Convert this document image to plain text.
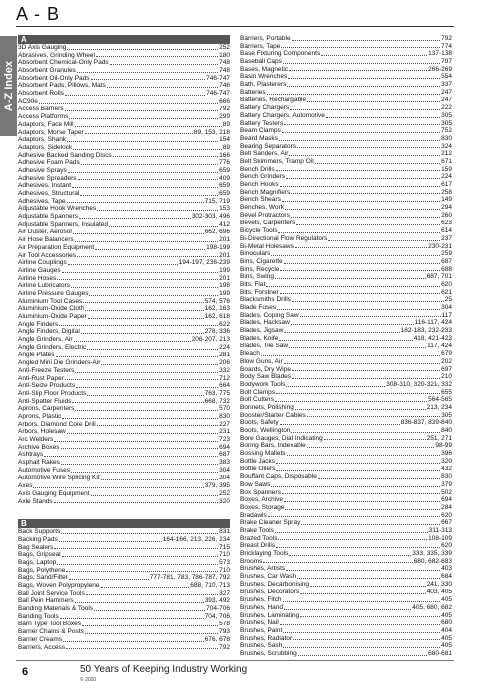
A - B
A-Z Index
A
3D Axis Gauging	252
Abrasives, Grinding Wheel	180
Absorbent Chemical-Only Pads	748
Absorbent Granules	748
Absorbent Oil-Only Pads	746-747
Absorbent Pads, Pillows, Mats	746
Absorbent Rolls	746-747
AC90e	666
Access Barriers	792
Access Platforms	299
Adaptors, Face Mill	89
Adaptors, Morse Taper	89, 153, 218
Adaptors, Shank	154
Adaptors, Sidelock	89
Adhesive Backed Sanding Discs	166
Adhesive Foam Pads	776
Adhesive Sprays	659
Adhesive Spreaders	409
Adhesives, Instant	659
Adhesives, Structural	659
Adhesives, Tape	715, 719
Adjustable Hook Wrenches	153
Adjustable Spanners	302-303, 496
Adjustable Spanners, Insulated	412
Air Duster, Aerosol	662, 696
Air Hose Balancers	201
Air Preparation Equipment	198-199
Air Tool Accessories	201
Airline Couplings	194-197, 236-239
Airline Gauges	199
Airline Hoses	201
Airline Lubricators	198
Airline Pressure Gauges	199
Aluminium Tool Cases	574, 576
Aluminium-Oxide Cloth	162, 163
Aluminium-Oxide Paper	162, 618
Angle Finders	622
Angle Finders, Digital	278, 336
Angle Grinders, Air	206-207, 213
Angle Grinders, Electric	224
Angle Plates	281
Angled Mini Die Grinders-Air	206
Anti-Freeze Testers	332
Anti-Rust Paper	712
Anti-Seize Products	664
Anti-Slip Floor Products	763, 775
Anti-Spatter Fluids	668, 732
Aprons, Carpenters	570
Aprons, Plastic	830
Arbors, Diamond Core Drill	227
Arbors, Holesaw	231
Arc Welders	723
Archive Boxes	694
Ashtrays	687
Asphalt Rakes	383
Automotive Fuses	304
Automotive Wire Splicing Kit	304
Axes	379, 395
Axis Gauging Equipment	252
Axle Stands	320
B
Back Supports	831
Backing Pads	164-166, 213, 226, 234
Bag Sealers	715
Bags, Gripseal	710
Bags, Laptop	573
Bags, Polythene	710
Bags, Sand/Filter	777-781, 783, 786-787, 792
Bags, Woven Polypropylene	688, 710, 713
Ball Joint Service Tools	327
Ball Pein Hammers	393, 492
Banding Materials & Tools	704-706
Banding Tools	704, 706
Barn Type Tool Boxes	578
Barrier Chains & Posts	793
Barrier Creams	676, 678
Barriers, Access	792
Barriers, Portable	792
Barriers, Tape	774
Base Fixturing Components	137-138
Baseball Caps	797
Bases, Magnetic	266-269
Basin Wrenches	554
Bath, Plasterers	337
Batteries	247
Batteries, Rechargable	247
Battery Chargers	222
Battery Chargers, Automotive	305
Battery Testers	305
Beam Clamps	752
Beard Masks	830
Bearing Separators	324
Belt Sanders, Air	212
Belt Skimmers, Tramp Oil	671
Bench Drills	159
Bench Grinders	224
Bench Hooks	617
Bench Magnifiers	258
Bench Shears	149
Benches, Work	294
Bevel Protractors	260
Bevels, Carpenters	623
Bicycle Tools	614
Bi-Directional Flow Regulators	237
Bi-Metal Holesaws	230-231
Binoculars	259
Bins, Cigarette	687
Bins, Recycle	688
Bins, Swing	687, 701
Bits, Flat	620
Bits, Forstner	621
Blacksmiths Drills	25
Blade Fuses	304
Blades, Coping Saw	117
Blades, Hacksaw	116-117, 424
Blades, Jigsaw	182-183, 232-233
Blades, Knife	418, 421-423
Blades, Tile Saw	117, 424
Bleach	679
Blow Guns, Air	202
Boards, Dry Wipe	697
Body Saw Blades	210
Bodywork Tools	308-310, 320-321, 332
Bolt Clamps	655
Bolt Cutters	564-565
Bonnets, Polishing	213, 234
Booster/Starter Cables	305
Boots, Safety	836-837, 839-840
Boots, Wellington	840
Bore Gauges, Dial Indicating	251, 271
Boring Bars, Indexable	98-99
Bossing Mallets	396
Bottle Jacks	320
Bottle Oilers	432
Bouffant Caps, Disposable	830
Bow Saws	379
Box Spanners	502
Boxes, Archive	694
Boxes, Storage	284
Bradawls	620
Brake Cleaner Spray	667
Brake Tools	311-313
Brazed Tools	108-109
Breast Drills	620
Bricklaying Tools	333, 335, 339
Brooms	680, 682-683
Brushes, Artists	403
Brushes, Car Wash	684
Brushes, Decarbonising	241, 330
Brushes, Decorators	403, 405
Brushes, Fitch	405
Brushes, Hand	405, 680, 682
Brushes, Laminating	405
Brushes, Nail	680
Brushes, Paint	404
Brushes, Radiator	405
Brushes, Sash	405
Brushes, Scrubbing	680-681
6	50 Years of Keeping Industry Working
© 2020
